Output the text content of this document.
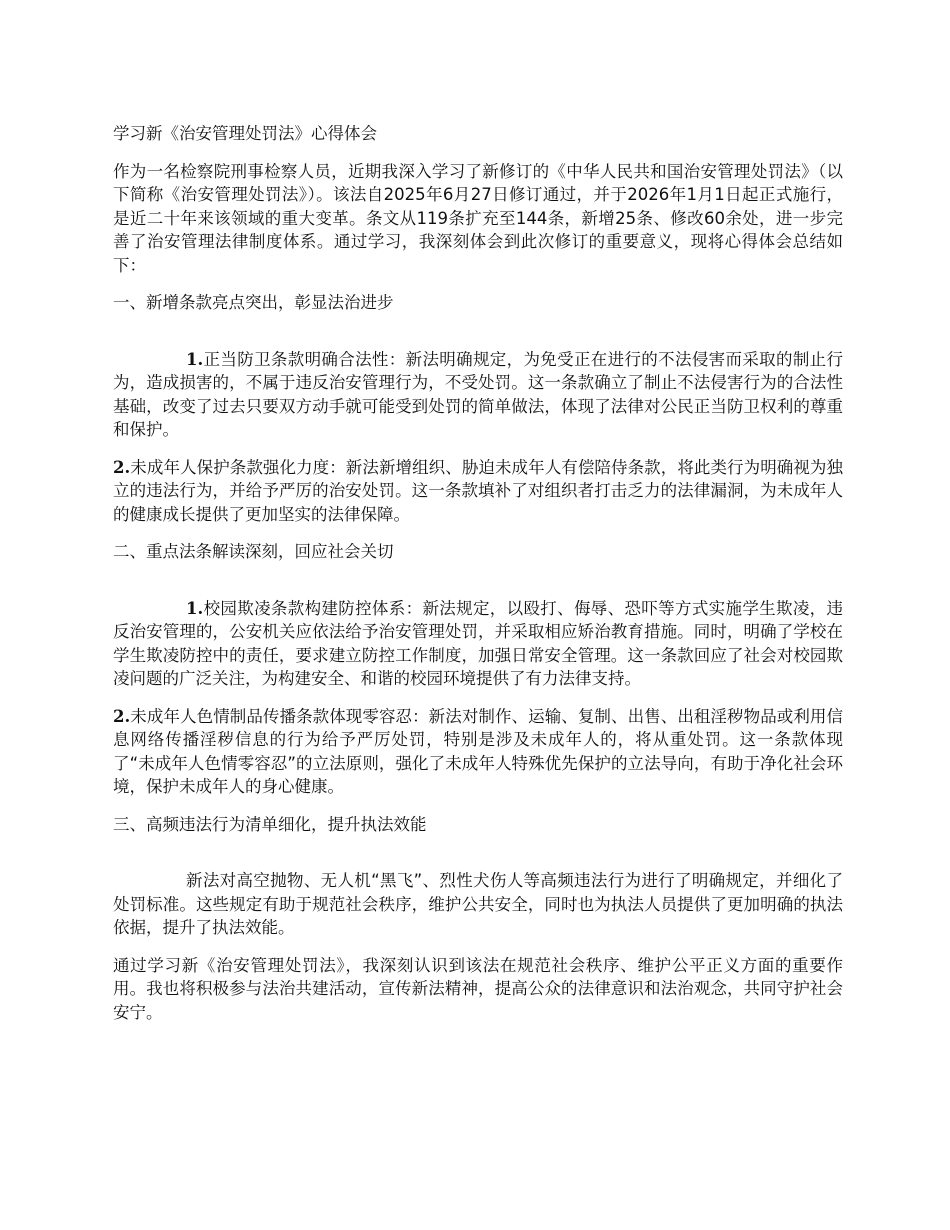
学习新《治安管理处罚法》心得体会

作为一名检察院刑事检察人员，近期我深入学习了新修订的《中华人民共和国治安管理处罚法》（以下简称《治安管理处罚法》）。该法自2025年6月27日修订通过，并于2026年1月1日起正式施行，是近二十年来该领域的重大变革。条文从119条扩充至144条，新增25条、修改60余处，进一步完善了治安管理法律制度体系。通过学习，我深刻体会到此次修订的重要意义，现将心得体会总结如下：

一、新增条款亮点突出，彰显法治进步

1.正当防卫条款明确合法性：新法明确规定，为免受正在进行的不法侵害而采取的制止行为，造成损害的，不属于违反治安管理行为，不受处罚。这一条款确立了制止不法侵害行为的合法性基础，改变了过去只要双方动手就可能受到处罚的简单做法，体现了法律对公民正当防卫权利的尊重和保护。

2.未成年人保护条款强化力度：新法新增组织、胁迫未成年人有偿陪侍条款，将此类行为明确视为独立的违法行为，并给予严厉的治安处罚。这一条款填补了对组织者打击乏力的法律漏洞，为未成年人的健康成长提供了更加坚实的法律保障。

二、重点法条解读深刻，回应社会关切

1.校园欺凌条款构建防控体系：新法规定，以殴打、侮辱、恐吓等方式实施学生欺凌，违反治安管理的，公安机关应依法给予治安管理处罚，并采取相应矫治教育措施。同时，明确了学校在学生欺凌防控中的责任，要求建立防控工作制度，加强日常安全管理。这一条款回应了社会对校园欺凌问题的广泛关注，为构建安全、和谐的校园环境提供了有力法律支持。

2.未成年人色情制品传播条款体现零容忍：新法对制作、运输、复制、出售、出租淫秽物品或利用信息网络传播淫秽信息的行为给予严厉处罚，特别是涉及未成年人的，将从重处罚。这一条款体现了“未成年人色情零容忍”的立法原则，强化了未成年人特殊优先保护的立法导向，有助于净化社会环境，保护未成年人的身心健康。

三、高频违法行为清单细化，提升执法效能

新法对高空抛物、无人机“黑飞”、烈性犬伤人等高频违法行为进行了明确规定，并细化了处罚标准。这些规定有助于规范社会秩序，维护公共安全，同时也为执法人员提供了更加明确的执法依据，提升了执法效能。

通过学习新《治安管理处罚法》，我深刻认识到该法在规范社会秩序、维护公平正义方面的重要作用。我也将积极参与法治共建活动，宣传新法精神，提高公众的法律意识和法治观念，共同守护社会安宁。
